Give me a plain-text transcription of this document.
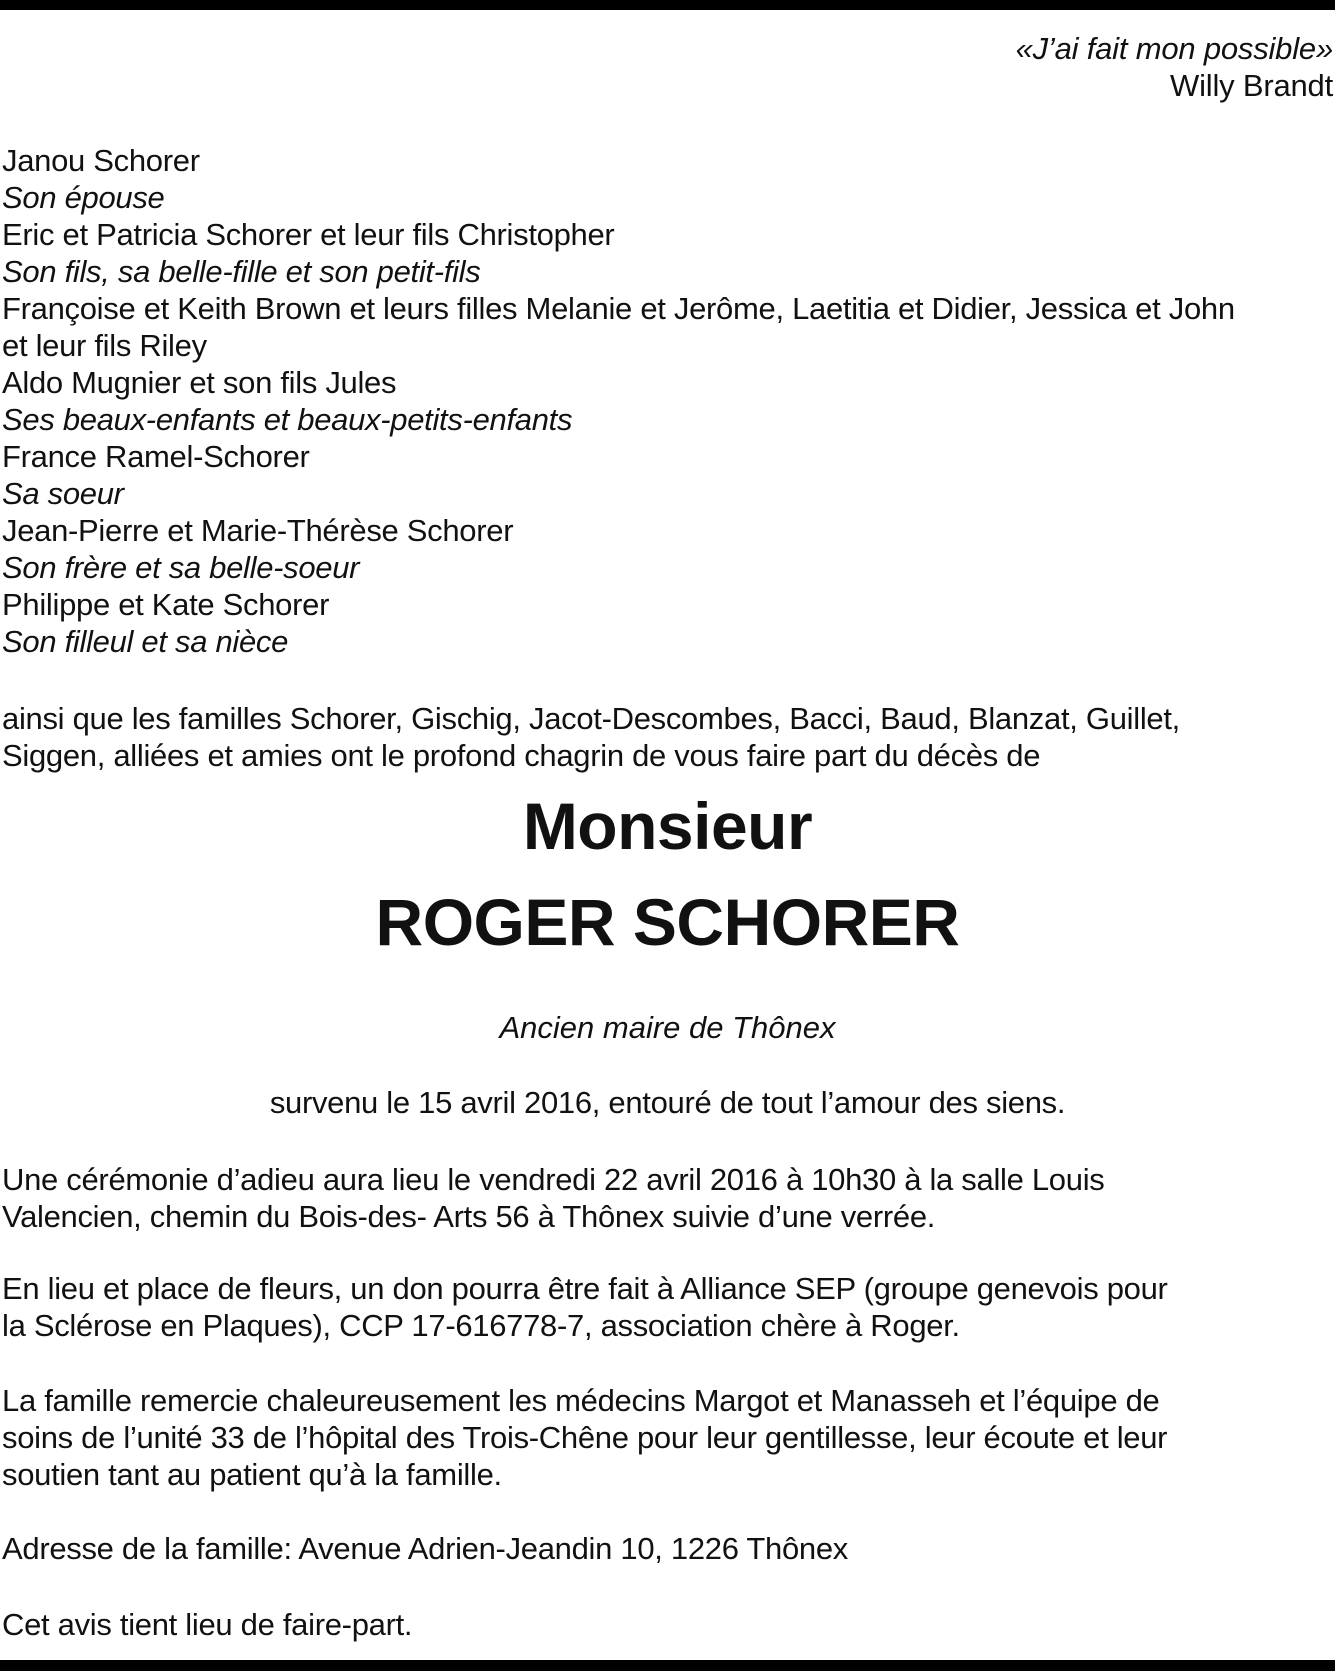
«J’ai fait mon possible»
Willy Brandt
Janou Schorer
Son épouse
Eric et Patricia Schorer et leur fils Christopher
Son fils, sa belle-fille et son petit-fils
Françoise et Keith Brown et leurs filles Melanie et Jerôme, Laetitia et Didier, Jessica et John
et leur fils Riley
Aldo Mugnier et son fils Jules
Ses beaux-enfants et beaux-petits-enfants
France Ramel-Schorer
Sa soeur
Jean-Pierre et Marie-Thérèse Schorer
Son frère et sa belle-soeur
Philippe et Kate Schorer
Son filleul et sa nièce
ainsi que les familles Schorer, Gischig, Jacot-Descombes, Bacci, Baud, Blanzat, Guillet,
Siggen, alliées et amies ont le profond chagrin de vous faire part du décès de
Monsieur
ROGER SCHORER
Ancien maire de Thônex
survenu le 15 avril 2016, entouré de tout l’amour des siens.
Une cérémonie d’adieu aura lieu le vendredi 22 avril 2016 à 10h30 à la salle Louis
Valencien, chemin du Bois-des- Arts 56 à Thônex suivie d’une verrée.
En lieu et place de fleurs, un don pourra être fait à Alliance SEP (groupe genevois pour
la Sclérose en Plaques), CCP 17-616778-7, association chère à Roger.
La famille remercie chaleureusement les médecins Margot et Manasseh et l’équipe de
soins de l’unité 33 de l’hôpital des Trois-Chêne pour leur gentillesse, leur écoute et leur
soutien tant au patient qu’à la famille.
Adresse de la famille: Avenue Adrien-Jeandin 10, 1226 Thônex
Cet avis tient lieu de faire-part.
